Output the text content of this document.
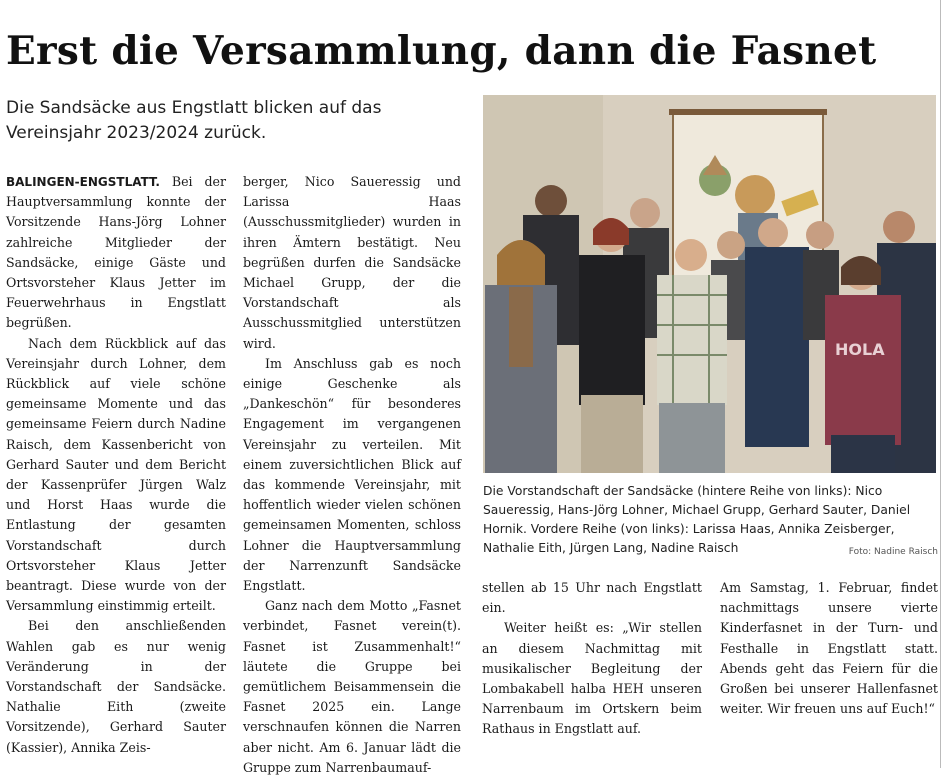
Erst die Versammlung, dann die Fasnet

Die Sandsäcke aus Engstlatt blicken auf das Vereinsjahr 2023/2024 zurück.

BALINGEN-ENGSTLATT. Bei der Hauptversammlung konnte der Vorsitzende Hans-Jörg Lohner zahlreiche Mitglieder der Sandsäcke, einige Gäste und Ortsvorsteher Klaus Jetter im Feuerwehrhaus in Engstlatt begrüßen.

Nach dem Rückblick auf das Vereinsjahr durch Lohner, dem Rückblick auf viele schöne gemeinsame Momente und das gemeinsame Feiern durch Nadine Raisch, dem Kassenbericht von Gerhard Sauter und dem Bericht der Kassenprüfer Jürgen Walz und Horst Haas wurde die Entlastung der gesamten Vorstandschaft durch Ortsvorsteher Klaus Jetter beantragt. Diese wurde von der Versammlung einstimmig erteilt.

Bei den anschließenden Wahlen gab es nur wenig Veränderung in der Vorstandschaft der Sandsäcke. Nathalie Eith (zweite Vorsitzende), Gerhard Sauter (Kassier), Annika Zeis-

berger, Nico Saueressig und Larissa Haas (Ausschussmitglieder) wurden in ihren Ämtern bestätigt. Neu begrüßen durfen die Sandsäcke Michael Grupp, der die Vorstandschaft als Ausschussmitglied unterstützen wird.

Im Anschluss gab es noch einige Geschenke als „Dankeschön“ für besonderes Engagement im vergangenen Vereinsjahr zu verteilen. Mit einem zuversichtlichen Blick auf das kommende Vereinsjahr, mit hoffentlich wieder vielen schönen gemeinsamen Momenten, schloss Lohner die Hauptversammlung der Narrenzunft Sandsäcke Engstlatt.

Ganz nach dem Motto „Fasnet verbindet, Fasnet verein(t). Fasnet ist Zusammenhalt!“ läutete die Gruppe bei gemütlichem Beisammensein die Fasnet 2025 ein. Lange verschnaufen können die Narren aber nicht. Am 6. Januar lädt die Gruppe zum Narrenbaumauf-

HOLA
Die Vorstandschaft der Sandsäcke (hintere Reihe von links): Nico Saueressig, Hans-Jörg Lohner, Michael Grupp, Gerhard Sauter, Daniel Hornik. Vordere Reihe (von links): Larissa Haas, Annika Zeisberger, Nathalie Eith, Jürgen Lang, Nadine Raisch	Foto: Nadine Raisch

stellen ab 15 Uhr nach Engstlatt ein.

Weiter heißt es: „Wir stellen an diesem Nachmittag mit musikalischer Begleitung der Lombakabell halba HEH unseren Narrenbaum im Ortskern beim Rathaus in Engstlatt auf.

Am Samstag, 1. Februar, findet nachmittags unsere vierte Kinderfasnet in der Turn- und Festhalle in Engstlatt statt. Abends geht das Feiern für die Großen bei unserer Hallenfasnet weiter. Wir freuen uns auf Euch!“
